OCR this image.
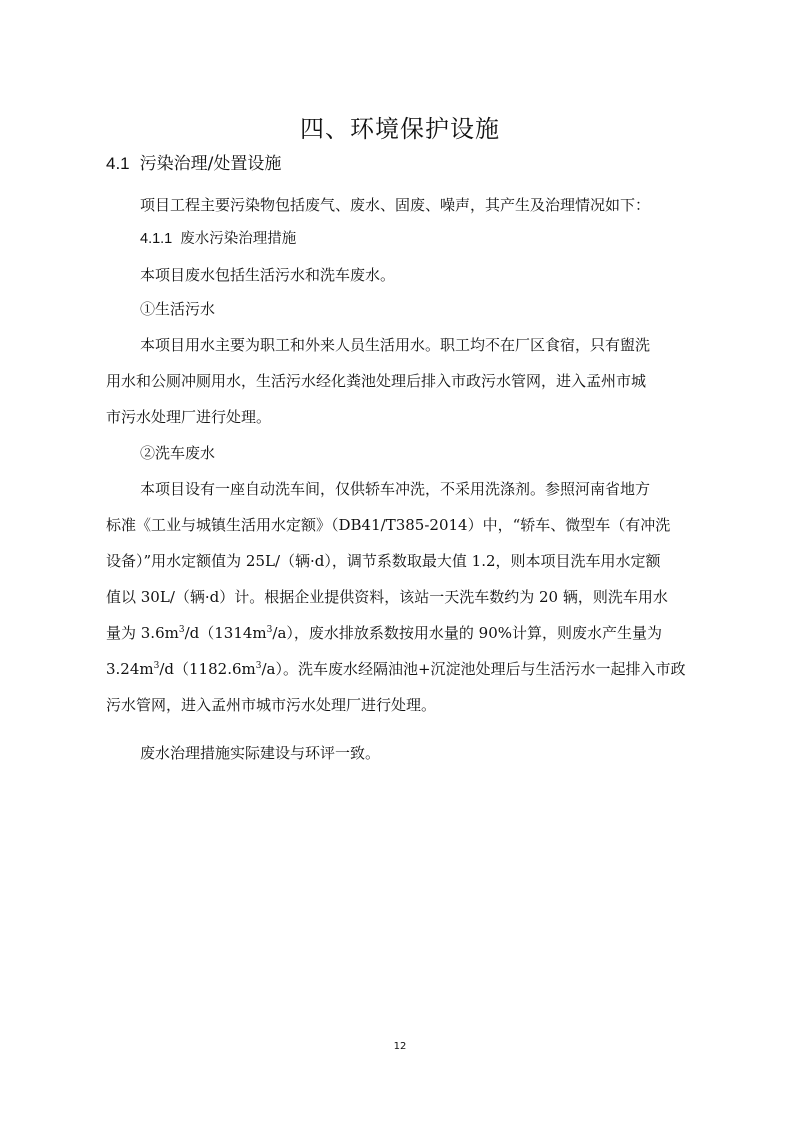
四、环境保护设施
4.1 污染治理/处置设施
项目工程主要污染物包括废气、废水、固废、噪声，其产生及治理情况如下：
4.1.1 废水污染治理措施
本项目废水包括生活污水和洗车废水。
①生活污水
本项目用水主要为职工和外来人员生活用水。职工均不在厂区食宿，只有盥洗
用水和公厕冲厕用水，生活污水经化粪池处理后排入市政污水管网，进入孟州市城
市污水处理厂进行处理。
②洗车废水
本项目设有一座自动洗车间，仅供轿车冲洗，不采用洗涤剂。参照河南省地方
标准《工业与城镇生活用水定额》（DB41/T385-2014）中，“轿车、微型车（有冲洗
设备）”用水定额值为 25L/（辆·d），调节系数取最大值 1.2，则本项目洗车用水定额
值以 30L/（辆·d）计。根据企业提供资料，该站一天洗车数约为 20 辆，则洗车用水
量为 $3.6m^3/d(1314m^3/a)$，废水排放系数按用水量的 90%计算，则废水产生量为
$3.24m^3/d(1182.6m^3/a)$。洗车废水经隔油池+沉淀池处理后与生活污水一起排入市政
污水管网，进入孟州市城市污水处理厂进行处理。
废水治理措施实际建设与环评一致。
12
